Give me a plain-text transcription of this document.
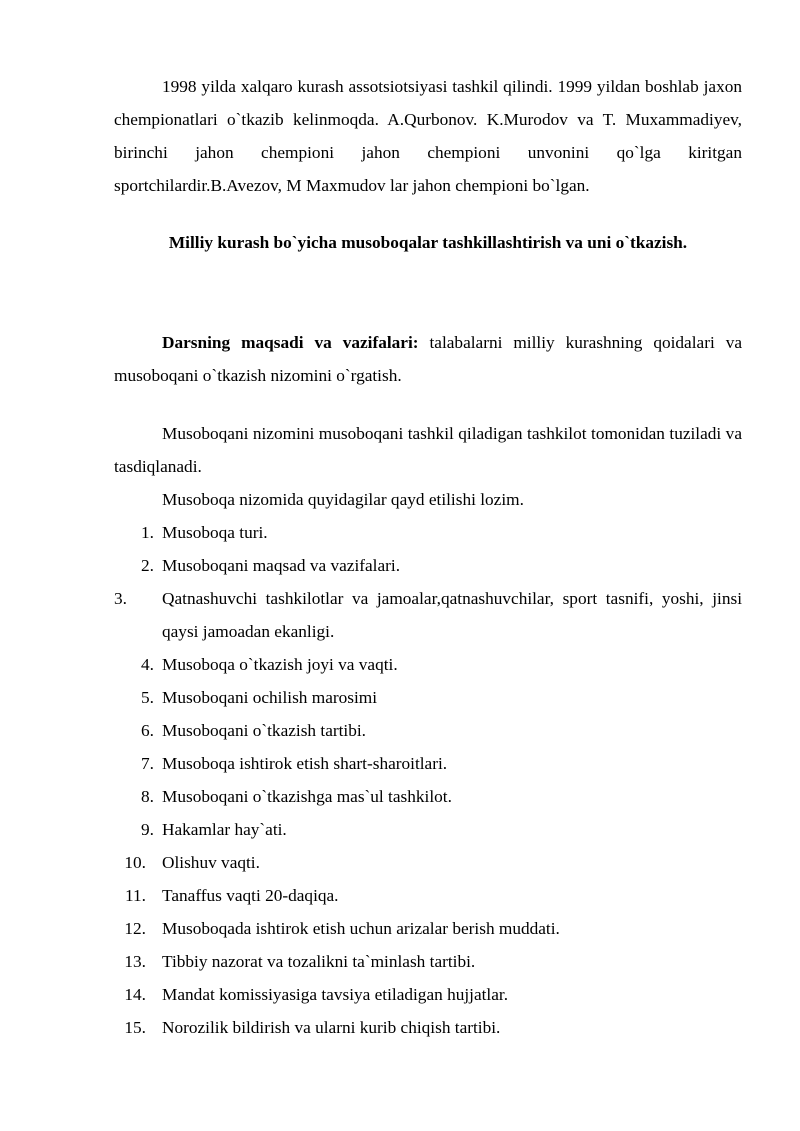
1998 yilda xalqaro kurash assotsiotsiyasi tashkil qilindi. 1999 yildan boshlab jaxon chempionatlari o`tkazib kelinmoqda. A.Qurbonov. K.Murodov va T. Muxammadiyev, birinchi jahon chempioni jahon chempioni unvonini qo`lga kiritgan sportchilardir.B.Avezov, M Maxmudov lar jahon chempioni bo`lgan.

Milliy kurash bo`yicha musoboqalar tashkillashtirish va uni o`tkazish.

Darsning maqsadi va vazifalari: talabalarni milliy kurashning qoidalari va musoboqani o`tkazish nizomini o`rgatish.

Musoboqani nizomini musoboqani tashkil qiladigan tashkilot tomonidan tuziladi va tasdiqlanadi.

Musoboqa nizomida quyidagilar qayd etilishi lozim.

1. Musoboqa turi.
2. Musoboqani maqsad va vazifalari.
3.	Qatnashuvchi tashkilotlar va jamoalar,qatnashuvchilar, sport tasnifi, yoshi, jinsi qaysi jamoadan ekanligi.
4. Musoboqa o`tkazish joyi va vaqti.
5. Musoboqani ochilish marosimi
6. Musoboqani o`tkazish tartibi.
7. Musoboqa ishtirok etish shart-sharoitlari.
8. Musoboqani o`tkazishga mas`ul tashkilot.
9. Hakamlar hay`ati.
10. Olishuv vaqti.
11. Tanaffus vaqti 20-daqiqa.
12. Musoboqada ishtirok etish uchun arizalar berish muddati.
13. Tibbiy nazorat va tozalikni ta`minlash tartibi.
14. Mandat komissiyasiga tavsiya etiladigan hujjatlar.
15. Norozilik bildirish va ularni kurib chiqish tartibi.
